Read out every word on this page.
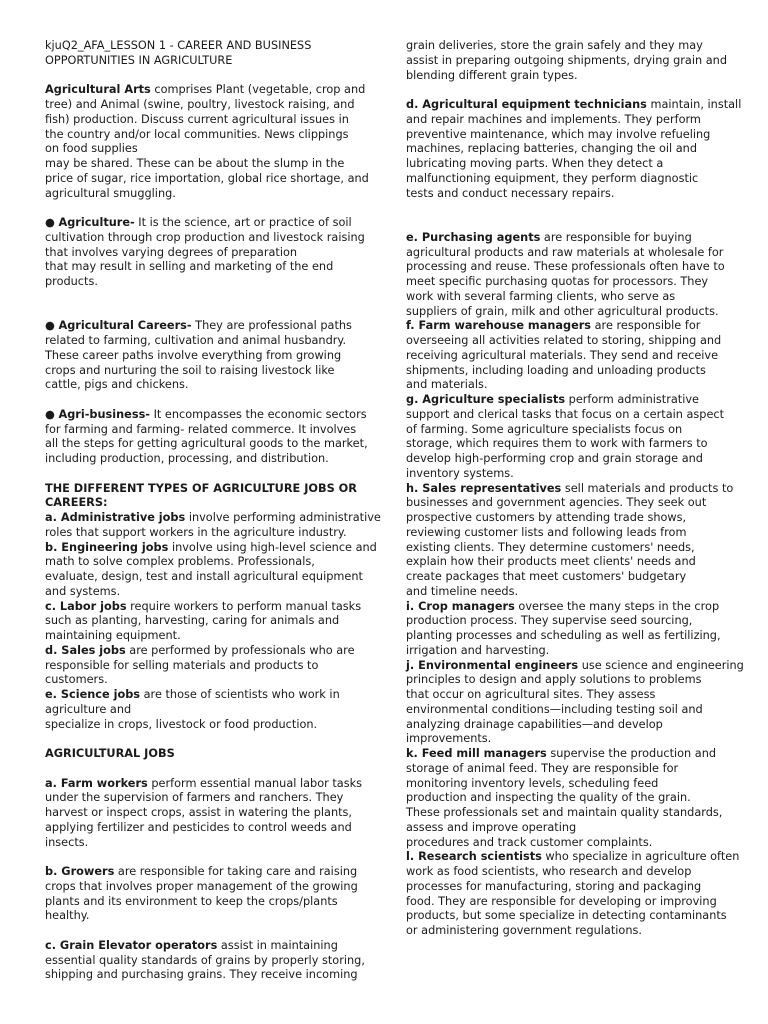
kjuQ2_AFA_LESSON 1 - CAREER AND BUSINESS
OPPORTUNITIES IN AGRICULTURE

Agricultural Arts comprises Plant (vegetable, crop and
tree) and Animal (swine, poultry, livestock raising, and
fish) production. Discuss current agricultural issues in
the country and/or local communities. News clippings
on food supplies
may be shared. These can be about the slump in the
price of sugar, rice importation, global rice shortage, and
agricultural smuggling.

● Agriculture- It is the science, art or practice of soil
cultivation through crop production and livestock raising
that involves varying degrees of preparation
that may result in selling and marketing of the end
products.

● Agricultural Careers- They are professional paths
related to farming, cultivation and animal husbandry.
These career paths involve everything from growing
crops and nurturing the soil to raising livestock like
cattle, pigs and chickens.

● Agri-business- It encompasses the economic sectors
for farming and farming- related commerce. It involves
all the steps for getting agricultural goods to the market,
including production, processing, and distribution.

THE DIFFERENT TYPES OF AGRICULTURE JOBS OR
CAREERS:

a. Administrative jobs involve performing administrative
roles that support workers in the agriculture industry.

b. Engineering jobs involve using high-level science and
math to solve complex problems. Professionals,
evaluate, design, test and install agricultural equipment
and systems.

c. Labor jobs require workers to perform manual tasks
such as planting, harvesting, caring for animals and
maintaining equipment.

d. Sales jobs are performed by professionals who are
responsible for selling materials and products to
customers.

e. Science jobs are those of scientists who work in
agriculture and
specialize in crops, livestock or food production.

AGRICULTURAL JOBS

a. Farm workers perform essential manual labor tasks
under the supervision of farmers and ranchers. They
harvest or inspect crops, assist in watering the plants,
applying fertilizer and pesticides to control weeds and
insects.

b. Growers are responsible for taking care and raising
crops that involves proper management of the growing
plants and its environment to keep the crops/plants
healthy.

c. Grain Elevator operators assist in maintaining
essential quality standards of grains by properly storing,
shipping and purchasing grains. They receive incoming

grain deliveries, store the grain safely and they may
assist in preparing outgoing shipments, drying grain and
blending different grain types.

d. Agricultural equipment technicians maintain, install
and repair machines and implements. They perform
preventive maintenance, which may involve refueling
machines, replacing batteries, changing the oil and
lubricating moving parts. When they detect a
malfunctioning equipment, they perform diagnostic
tests and conduct necessary repairs.

e. Purchasing agents are responsible for buying
agricultural products and raw materials at wholesale for
processing and reuse. These professionals often have to
meet specific purchasing quotas for processors. They
work with several farming clients, who serve as
suppliers of grain, milk and other agricultural products.

f. Farm warehouse managers are responsible for
overseeing all activities related to storing, shipping and
receiving agricultural materials. They send and receive
shipments, including loading and unloading products
and materials.

g. Agriculture specialists perform administrative
support and clerical tasks that focus on a certain aspect
of farming. Some agriculture specialists focus on
storage, which requires them to work with farmers to
develop high-performing crop and grain storage and
inventory systems.

h. Sales representatives sell materials and products to
businesses and government agencies. They seek out
prospective customers by attending trade shows,
reviewing customer lists and following leads from
existing clients. They determine customers' needs,
explain how their products meet clients' needs and
create packages that meet customers' budgetary
and timeline needs.

i. Crop managers oversee the many steps in the crop
production process. They supervise seed sourcing,
planting processes and scheduling as well as fertilizing,
irrigation and harvesting.

j. Environmental engineers use science and engineering
principles to design and apply solutions to problems
that occur on agricultural sites. They assess
environmental conditions—including testing soil and
analyzing drainage capabilities—and develop
improvements.

k. Feed mill managers supervise the production and
storage of animal feed. They are responsible for
monitoring inventory levels, scheduling feed
production and inspecting the quality of the grain.
These professionals set and maintain quality standards,
assess and improve operating
procedures and track customer complaints.

l. Research scientists who specialize in agriculture often
work as food scientists, who research and develop
processes for manufacturing, storing and packaging
food. They are responsible for developing or improving
products, but some specialize in detecting contaminants
or administering government regulations.
